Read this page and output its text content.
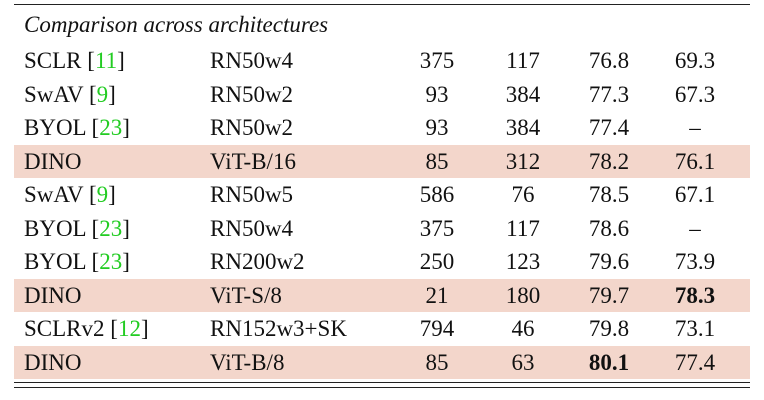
Comparison across architectures
SCLR [11]	RN50w4	375	117	76.8	69.3
SwAV [9]	RN50w2	93	384	77.3	67.3
BYOL [23]	RN50w2	93	384	77.4	–
DINO	ViT-B/16	85	312	78.2	76.1
SwAV [9]	RN50w5	586	76	78.5	67.1
BYOL [23]	RN50w4	375	117	78.6	–
BYOL [23]	RN200w2	250	123	79.6	73.9
DINO	ViT-S/8	21	180	79.7	78.3
SCLRv2 [12]	RN152w3+SK	794	46	79.8	73.1
DINO	ViT-B/8	85	63	80.1	77.4
